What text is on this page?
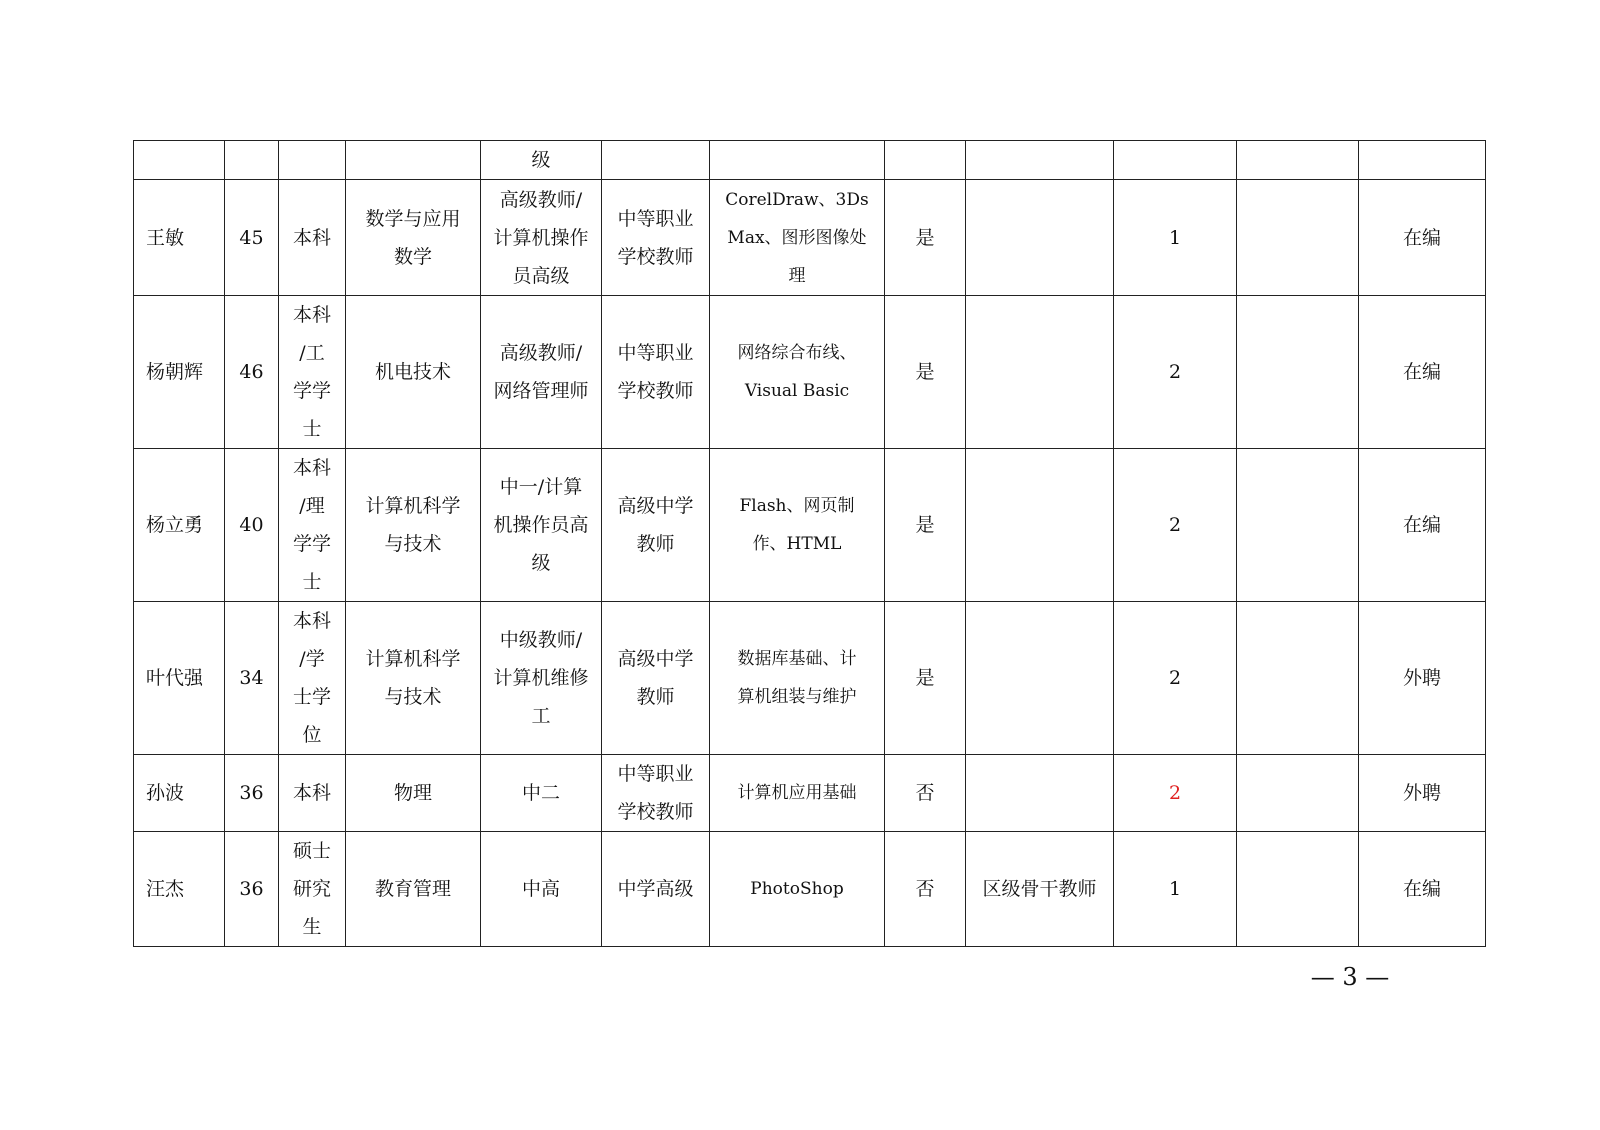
				级							
王敏	45	本科	数学与应用
数学	高级教师/
计算机操作
员高级	中等职业
学校教师	CorelDraw、3Ds
Max、图形图像处
理	是		1		在编
杨朝辉	46	本科
/工
学学
士	机电技术	高级教师/
网络管理师	中等职业
学校教师	网络综合布线、
Visual Basic	是		2		在编
杨立勇	40	本科
/理
学学
士	计算机科学
与技术	中一/计算
机操作员高
级	高级中学
教师	Flash、网页制
作、HTML	是		2		在编
叶代强	34	本科
/学
士学
位	计算机科学
与技术	中级教师/
计算机维修
工	高级中学
教师	数据库基础、计
算机组装与维护	是		2		外聘
孙波	36	本科	物理	中二	中等职业
学校教师	计算机应用基础	否		2		外聘
汪杰	36	硕士
研究
生	教育管理	中高	中学高级	PhotoShop	否	区级骨干教师	1		在编
— 3 —
